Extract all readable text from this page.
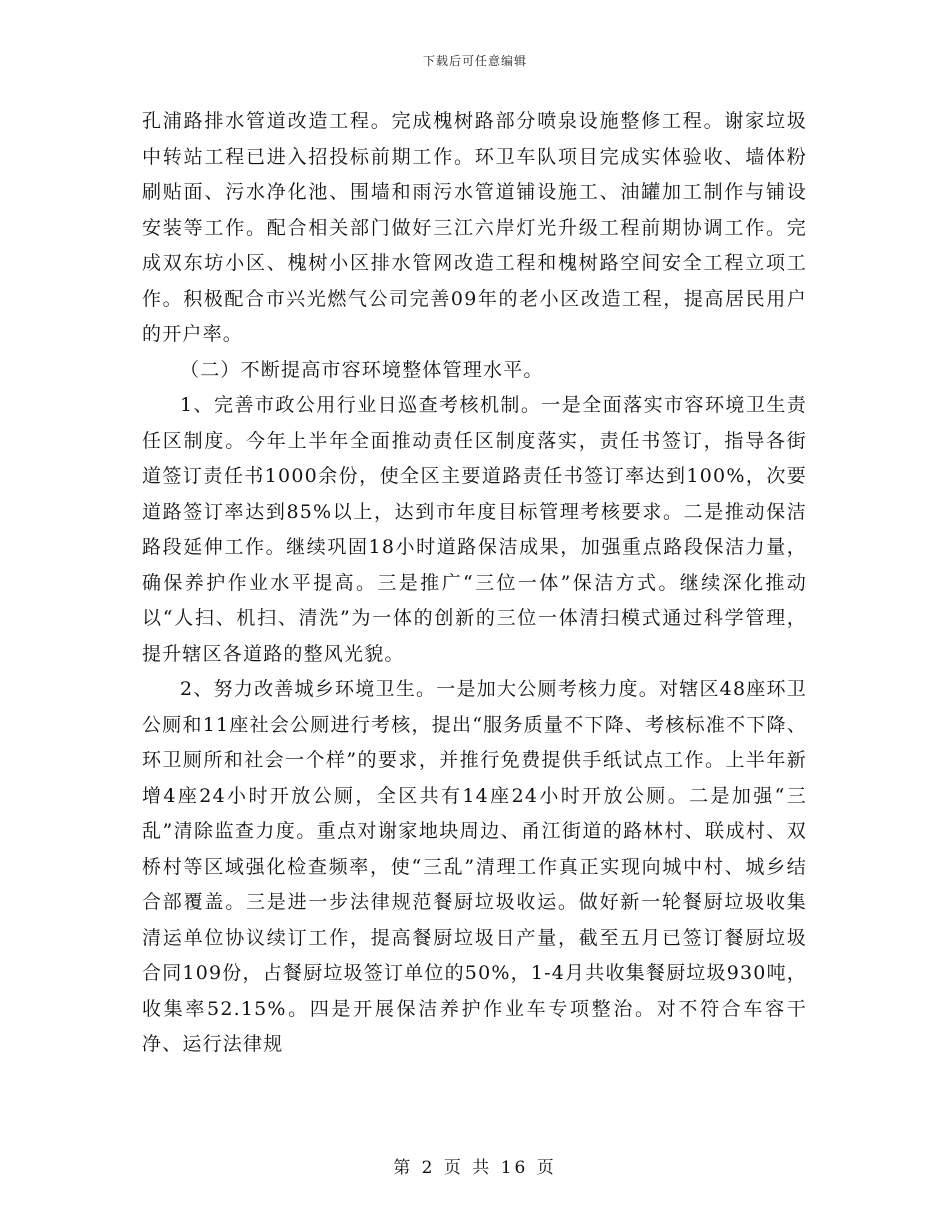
下载后可任意编辑

孔浦路排水管道改造工程。完成槐树路部分喷泉设施整修工程。谢家垃圾中转站工程已进入招投标前期工作。环卫车队项目完成实体验收、墙体粉刷贴面、污水净化池、围墙和雨污水管道铺设施工、油罐加工制作与铺设安装等工作。配合相关部门做好三江六岸灯光升级工程前期协调工作。完成双东坊小区、槐树小区排水管网改造工程和槐树路空间安全工程立项工作。积极配合市兴光燃气公司完善09年的老小区改造工程，提高居民用户的开户率。

（二）不断提高市容环境整体管理水平。

1、完善市政公用行业日巡查考核机制。一是全面落实市容环境卫生责任区制度。今年上半年全面推动责任区制度落实，责任书签订，指导各街道签订责任书1000余份，使全区主要道路责任书签订率达到100%，次要道路签订率达到85%以上，达到市年度目标管理考核要求。二是推动保洁路段延伸工作。继续巩固18小时道路保洁成果，加强重点路段保洁力量，确保养护作业水平提高。三是推广“三位一体”保洁方式。继续深化推动以“人扫、机扫、清洗”为一体的创新的三位一体清扫模式通过科学管理，提升辖区各道路的整风光貌。

2、努力改善城乡环境卫生。一是加大公厕考核力度。对辖区48座环卫公厕和11座社会公厕进行考核，提出“服务质量不下降、考核标准不下降、环卫厕所和社会一个样”的要求，并推行免费提供手纸试点工作。上半年新增4座24小时开放公厕，全区共有14座24小时开放公厕。二是加强“三乱”清除监查力度。重点对谢家地块周边、甬江街道的路林村、联成村、双桥村等区域强化检查频率，使“三乱”清理工作真正实现向城中村、城乡结合部覆盖。三是进一步法律规范餐厨垃圾收运。做好新一轮餐厨垃圾收集清运单位协议续订工作，提高餐厨垃圾日产量，截至五月已签订餐厨垃圾合同109份，占餐厨垃圾签订单位的50%，1-4月共收集餐厨垃圾930吨，收集率52.15%。四是开展保洁养护作业车专项整治。对不符合车容干净、运行法律规

第 2 页 共 16 页
